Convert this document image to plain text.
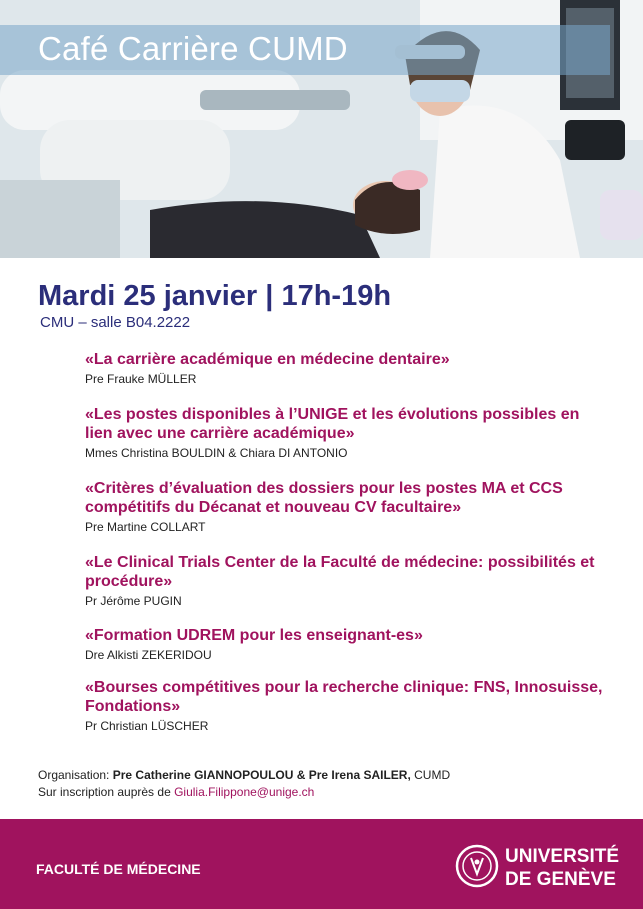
Café Carrière CUMD
Mardi 25 janvier | 17h-19h
CMU – salle B04.2222
«La carrière académique en médecine dentaire»
Pre Frauke MÜLLER
«Les postes disponibles à l’UNIGE et les évolutions possibles en lien avec une carrière académique»
Mmes Christina BOULDIN & Chiara DI ANTONIO
«Critères d’évaluation des dossiers pour les postes MA et CCS compétitifs du Décanat et nouveau CV facultaire»
Pre Martine COLLART
«Le Clinical Trials Center de la Faculté de médecine: possibilités et procédure»
Pr Jérôme PUGIN
«Formation UDREM pour les enseignant-es»
Dre Alkisti ZEKERIDOU
«Bourses compétitives pour la recherche clinique: FNS, Innosuisse, Fondations»
Pr Christian LÜSCHER
Organisation: Pre Catherine GIANNOPOULOU & Pre Irena SAILER, CUMD
Sur inscription auprès de Giulia.Filippone@unige.ch
FACULTÉ DE MÉDECINE
UNIVERSITÉ
DE GENÈVE
